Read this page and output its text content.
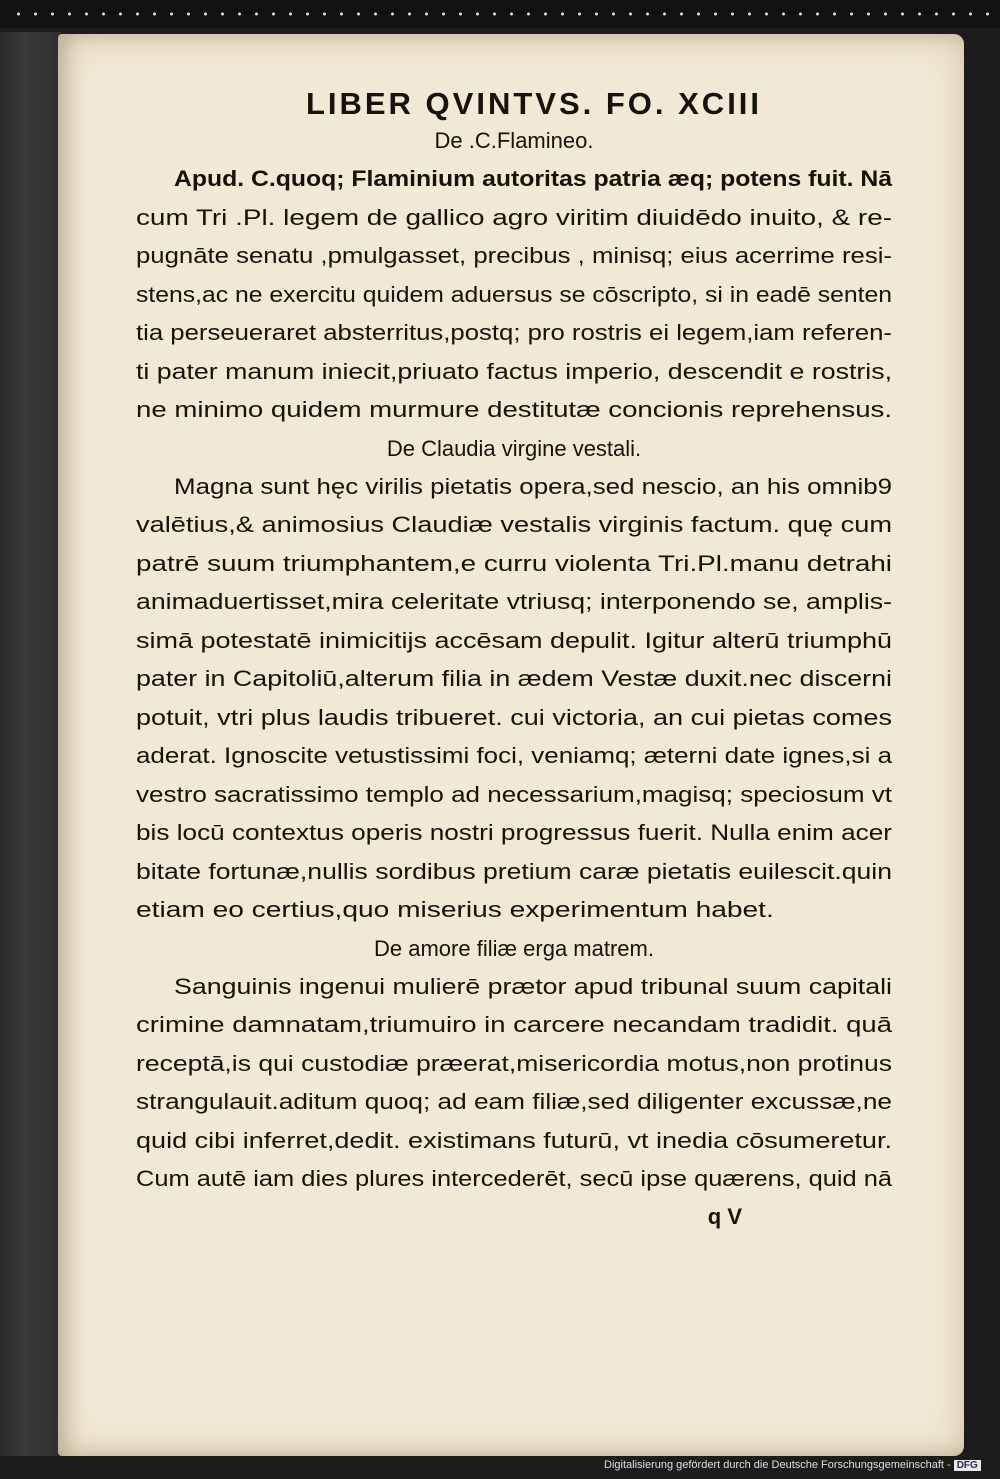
LIBER QVINTVS. FO. XCIII
De .C.Flamineo.
Apud. C.quoq; Flaminium autoritas patria æq; potens fuit. Nā
cum Tri .Pl. legem de gallico agro viritim diuidēdo inuito, & re-
pugnāte senatu ,pmulgasset, precibus , minisq; eius acerrime resi-
stens,ac ne exercitu quidem aduersus se cōscripto, si in eadē senten
tia perseueraret absterritus,postq; pro rostris ei legem,iam referen-
ti pater manum iniecit,priuato factus imperio, descendit e rostris,
ne minimo quidem murmure destitutæ concionis reprehensus.
De Claudia virgine vestali.
Magna sunt hęc virilis pietatis opera,sed nescio, an his omnib9
valētius,& animosius Claudiæ vestalis virginis factum. quę cum
patrē suum triumphantem,e curru violenta Tri.Pl.manu detrahi
animaduertisset,mira celeritate vtriusq; interponendo se, amplis-
simā potestatē inimicitijs accēsam depulit. Igitur alterū triumphū
pater in Capitoliū,alterum filia in ædem Vestæ duxit.nec discerni
potuit, vtri plus laudis tribueret. cui victoria, an cui pietas comes
aderat. Ignoscite vetustissimi foci, veniamq; æterni date ignes,si a
vestro sacratissimo templo ad necessarium,magisq; speciosum vt
bis locū contextus operis nostri progressus fuerit. Nulla enim acer
bitate fortunæ,nullis sordibus pretium caræ pietatis euilescit.quin
etiam eo certius,quo miserius experimentum habet.
De amore filiæ erga matrem.
Sanguinis ingenui mulierē prætor apud tribunal suum capitali
crimine damnatam,triumuiro in carcere necandam tradidit. quā
receptā,is qui custodiæ præerat,misericordia motus,non protinus
strangulauit.aditum quoq; ad eam filiæ,sed diligenter excussæ,ne
quid cibi inferret,dedit. existimans futurū, vt inedia cōsumeretur.
Cum autē iam dies plures intercederēt, secū ipse quærens, quid nā
q V
Digitalisierung gefördert durch die Deutsche Forschungsgemeinschaft - DFG
